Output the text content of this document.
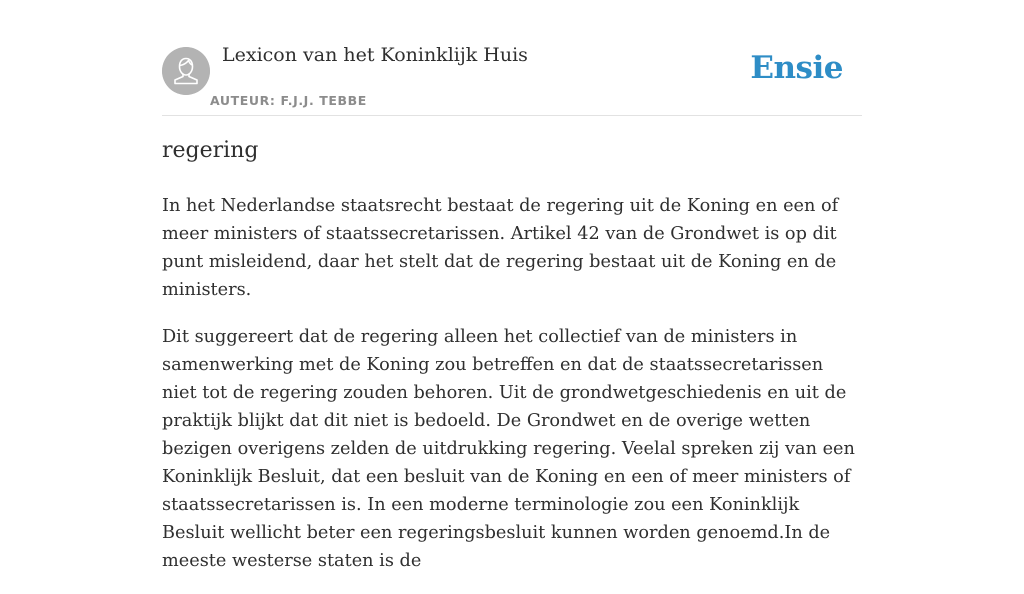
Lexicon van het Koninklijk Huis
AUTEUR: F.J.J. TEBBE
Ensie
regering

In het Nederlandse staatsrecht bestaat de regering uit de Koning en een of meer ministers of staatssecretarissen. Artikel 42 van de Grondwet is op dit punt misleidend, daar het stelt dat de regering bestaat uit de Koning en de ministers.

Dit suggereert dat de regering alleen het collectief van de ministers in samenwerking met de Koning zou betreffen en dat de staatssecretarissen niet tot de regering zouden behoren. Uit de grondwetgeschiedenis en uit de praktijk blijkt dat dit niet is bedoeld. De Grondwet en de overige wetten bezigen overigens zelden de uitdrukking regering. Veelal spreken zij van een Koninklijk Besluit, dat een besluit van de Koning en een of meer ministers of staatssecretarissen is. In een moderne terminologie zou een Koninklijk Besluit wellicht beter een regeringsbesluit kunnen worden genoemd.In de meeste westerse staten is de
